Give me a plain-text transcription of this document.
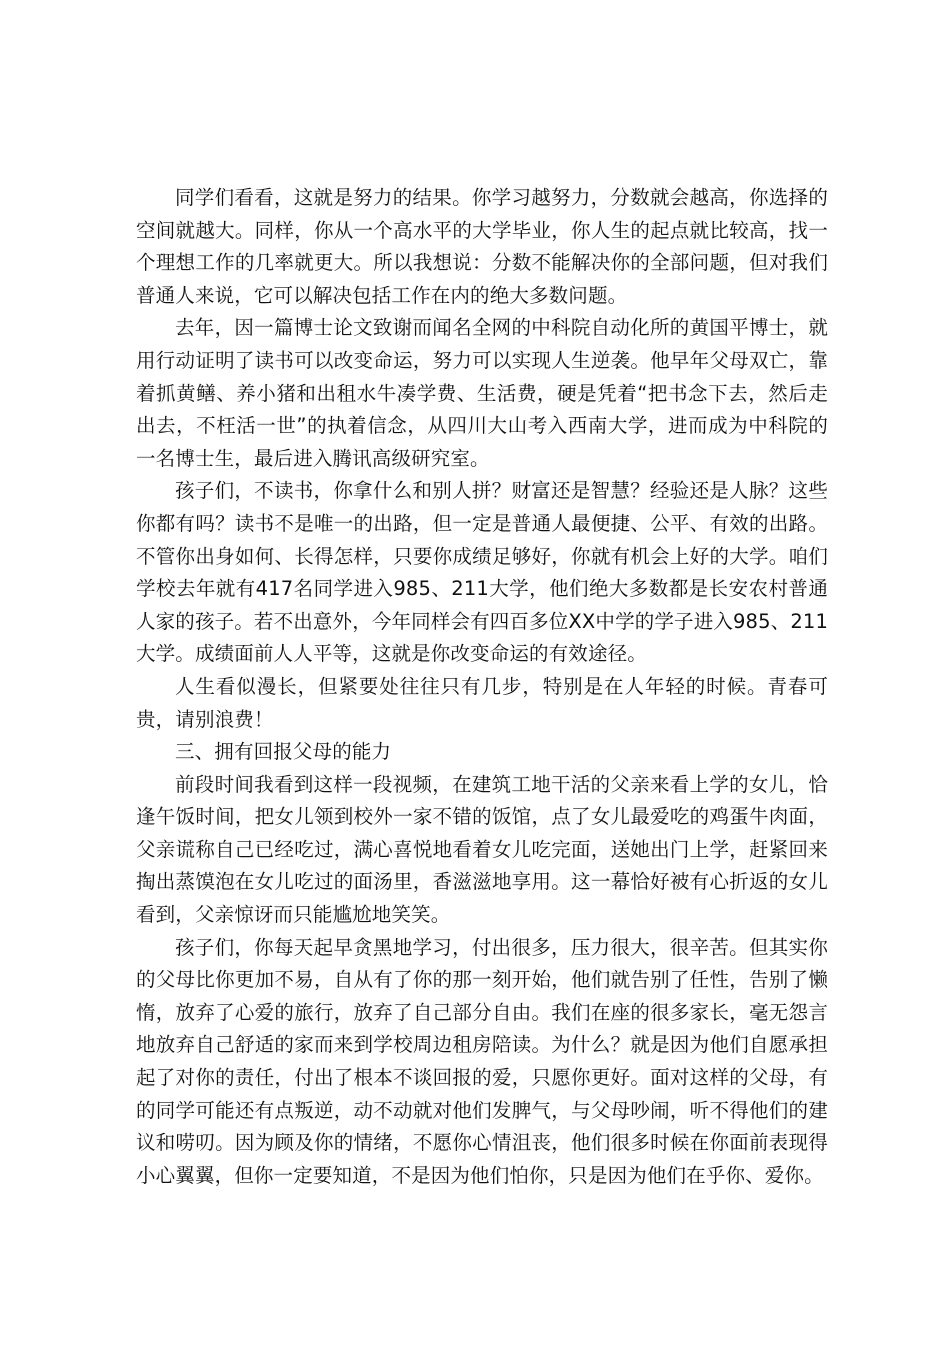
同学们看看，这就是努力的结果。你学习越努力，分数就会越高，你选择的空间就越大。同样，你从一个高水平的大学毕业，你人生的起点就比较高，找一个理想工作的几率就更大。所以我想说：分数不能解决你的全部问题，但对我们普通人来说，它可以解决包括工作在内的绝大多数问题。

去年，因一篇博士论文致谢而闻名全网的中科院自动化所的黄国平博士，就用行动证明了读书可以改变命运，努力可以实现人生逆袭。他早年父母双亡，靠着抓黄鳝、养小猪和出租水牛凑学费、生活费，硬是凭着“把书念下去，然后走出去，不枉活一世”的执着信念，从四川大山考入西南大学，进而成为中科院的一名博士生，最后进入腾讯高级研究室。

孩子们，不读书，你拿什么和别人拼？财富还是智慧？经验还是人脉？这些你都有吗？读书不是唯一的出路，但一定是普通人最便捷、公平、有效的出路。不管你出身如何、长得怎样，只要你成绩足够好，你就有机会上好的大学。咱们学校去年就有417名同学进入985、211大学，他们绝大多数都是长安农村普通人家的孩子。若不出意外，今年同样会有四百多位XX中学的学子进入985、211大学。成绩面前人人平等，这就是你改变命运的有效途径。

人生看似漫长，但紧要处往往只有几步，特别是在人年轻的时候。青春可贵，请别浪费！

三、拥有回报父母的能力

前段时间我看到这样一段视频，在建筑工地干活的父亲来看上学的女儿，恰逢午饭时间，把女儿领到校外一家不错的饭馆，点了女儿最爱吃的鸡蛋牛肉面，父亲谎称自己已经吃过，满心喜悦地看着女儿吃完面，送她出门上学，赶紧回来掏出蒸馍泡在女儿吃过的面汤里，香滋滋地享用。这一幕恰好被有心折返的女儿看到，父亲惊讶而只能尴尬地笑笑。

孩子们，你每天起早贪黑地学习，付出很多，压力很大，很辛苦。但其实你的父母比你更加不易，自从有了你的那一刻开始，他们就告别了任性，告别了懒惰，放弃了心爱的旅行，放弃了自己部分自由。我们在座的很多家长，毫无怨言地放弃自己舒适的家而来到学校周边租房陪读。为什么？就是因为他们自愿承担起了对你的责任，付出了根本不谈回报的爱，只愿你更好。面对这样的父母，有的同学可能还有点叛逆，动不动就对他们发脾气，与父母吵闹，听不得他们的建议和唠叨。因为顾及你的情绪，不愿你心情沮丧，他们很多时候在你面前表现得小心翼翼，但你一定要知道，不是因为他们怕你，只是因为他们在乎你、爱你。
